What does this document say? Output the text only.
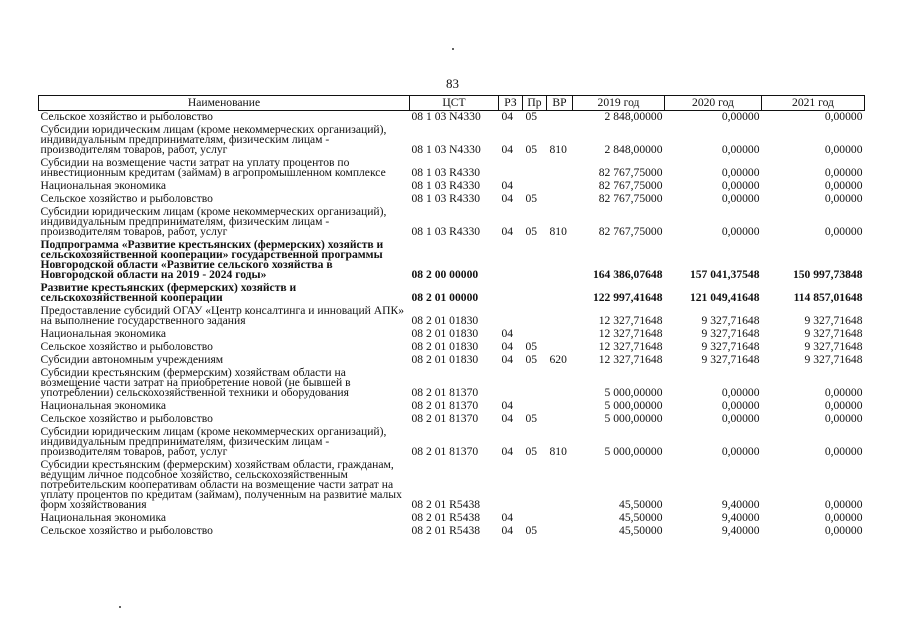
83
Наименование	ЦСТ	РЗ	Пр	ВР	2019 год	2020 год	2021 год
Сельское хозяйство и рыболовство	08 1 03 N4330	04	05		2 848,00000	0,00000	0,00000
Субсидии юридическим лицам (кроме некоммерческих организаций), индивидуальным предпринимателям, физическим лицам - производителям товаров, работ, услуг	08 1 03 N4330	04	05	810	2 848,00000	0,00000	0,00000
Субсидии на возмещение части затрат на уплату процентов по инвестиционным кредитам (займам) в агропромышленном комплексе	08 1 03 R4330				82 767,75000	0,00000	0,00000
Национальная экономика	08 1 03 R4330	04			82 767,75000	0,00000	0,00000
Сельское хозяйство и рыболовство	08 1 03 R4330	04	05		82 767,75000	0,00000	0,00000
Субсидии юридическим лицам (кроме некоммерческих организаций), индивидуальным предпринимателям, физическим лицам - производителям товаров, работ, услуг	08 1 03 R4330	04	05	810	82 767,75000	0,00000	0,00000
Подпрограмма «Развитие крестьянских (фермерских) хозяйств и сельскохозяйственной кооперации» государственной программы Новгородской области «Развитие сельского хозяйства в Новгородской области на 2019 - 2024 годы»	08 2 00 00000				164 386,07648	157 041,37548	150 997,73848
Развитие крестьянских (фермерских) хозяйств и сельскохозяйственной кооперации	08 2 01 00000				122 997,41648	121 049,41648	114 857,01648
Предоставление субсидий ОГАУ «Центр консалтинга и инноваций АПК» на выполнение государственного задания	08 2 01 01830				12 327,71648	9 327,71648	9 327,71648
Национальная экономика	08 2 01 01830	04			12 327,71648	9 327,71648	9 327,71648
Сельское хозяйство и рыболовство	08 2 01 01830	04	05		12 327,71648	9 327,71648	9 327,71648
Субсидии автономным учреждениям	08 2 01 01830	04	05	620	12 327,71648	9 327,71648	9 327,71648
Субсидии крестьянским (фермерским) хозяйствам области на возмещение части затрат на приобретение новой (не бывшей в употреблении) сельскохозяйственной техники и оборудования	08 2 01 81370				5 000,00000	0,00000	0,00000
Национальная экономика	08 2 01 81370	04			5 000,00000	0,00000	0,00000
Сельское хозяйство и рыболовство	08 2 01 81370	04	05		5 000,00000	0,00000	0,00000
Субсидии юридическим лицам (кроме некоммерческих организаций), индивидуальным предпринимателям, физическим лицам - производителям товаров, работ, услуг	08 2 01 81370	04	05	810	5 000,00000	0,00000	0,00000
Субсидии крестьянским (фермерским) хозяйствам области, гражданам, ведущим личное подсобное хозяйство, сельскохозяйственным потребительским кооперативам области на возмещение части затрат на уплату процентов по кредитам (займам), полученным на развитие малых форм хозяйствования	08 2 01 R5438				45,50000	9,40000	0,00000
Национальная экономика	08 2 01 R5438	04			45,50000	9,40000	0,00000
Сельское хозяйство и рыболовство	08 2 01 R5438	04	05		45,50000	9,40000	0,00000
